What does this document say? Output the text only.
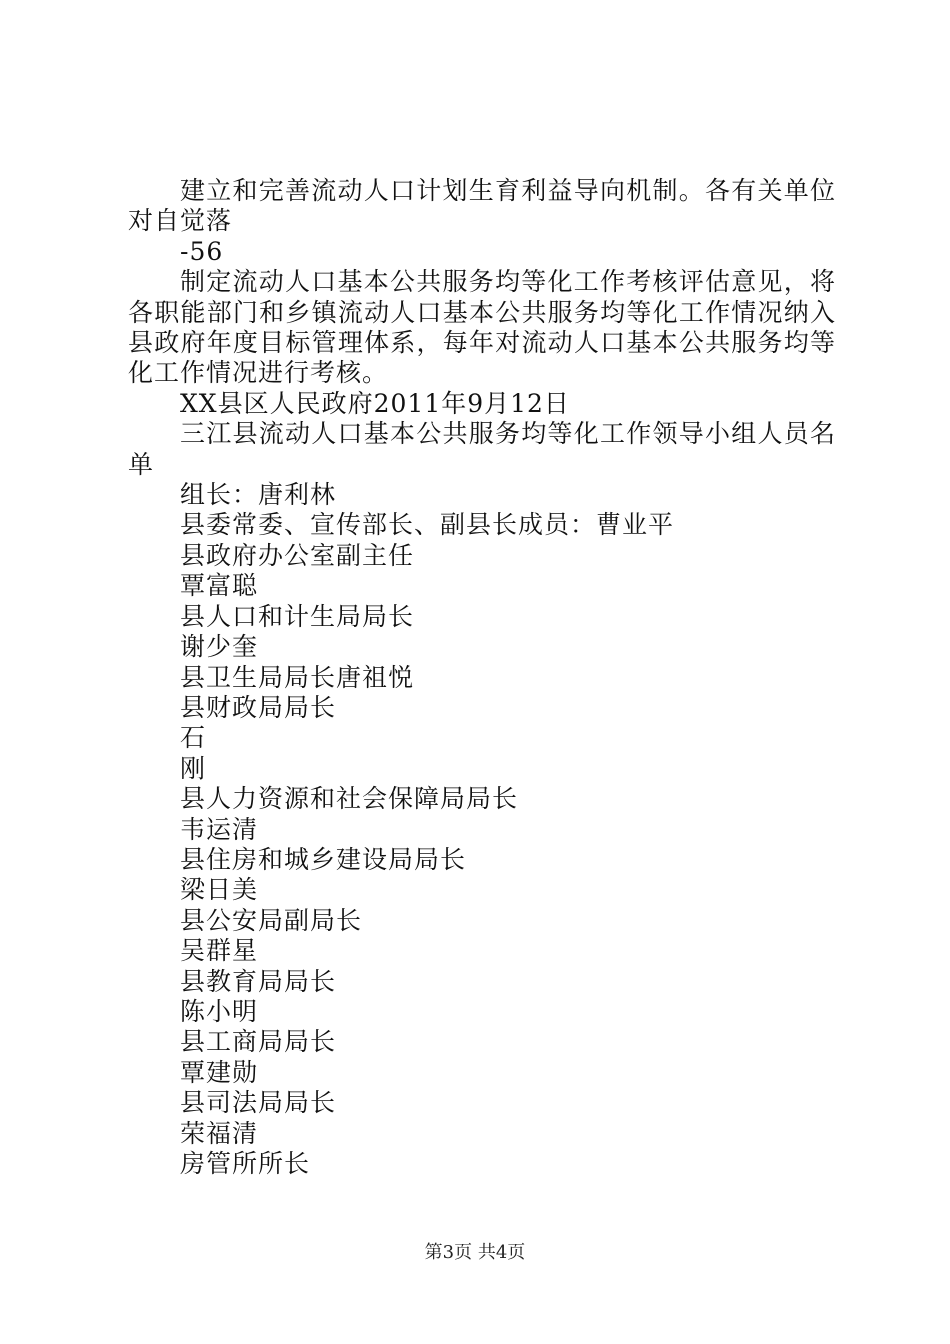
建立和完善流动人口计划生育利益导向机制。各有关单位对自觉落

-56

制定流动人口基本公共服务均等化工作考核评估意见，将各职能部门和乡镇流动人口基本公共服务均等化工作情况纳入县政府年度目标管理体系，每年对流动人口基本公共服务均等化工作情况进行考核。

XX县区人民政府2011年9月12日

三江县流动人口基本公共服务均等化工作领导小组人员名单

组长：唐利林

县委常委、宣传部长、副县长成员：曹业平

县政府办公室副主任

覃富聪

县人口和计生局局长

谢少奎

县卫生局局长唐祖悦

县财政局局长

石

刚

县人力资源和社会保障局局长

韦运清

县住房和城乡建设局局长

梁日美

县公安局副局长

吴群星

县教育局局长

陈小明

县工商局局长

覃建勋

县司法局局长

荣福清

房管所所长

第3页 共4页
